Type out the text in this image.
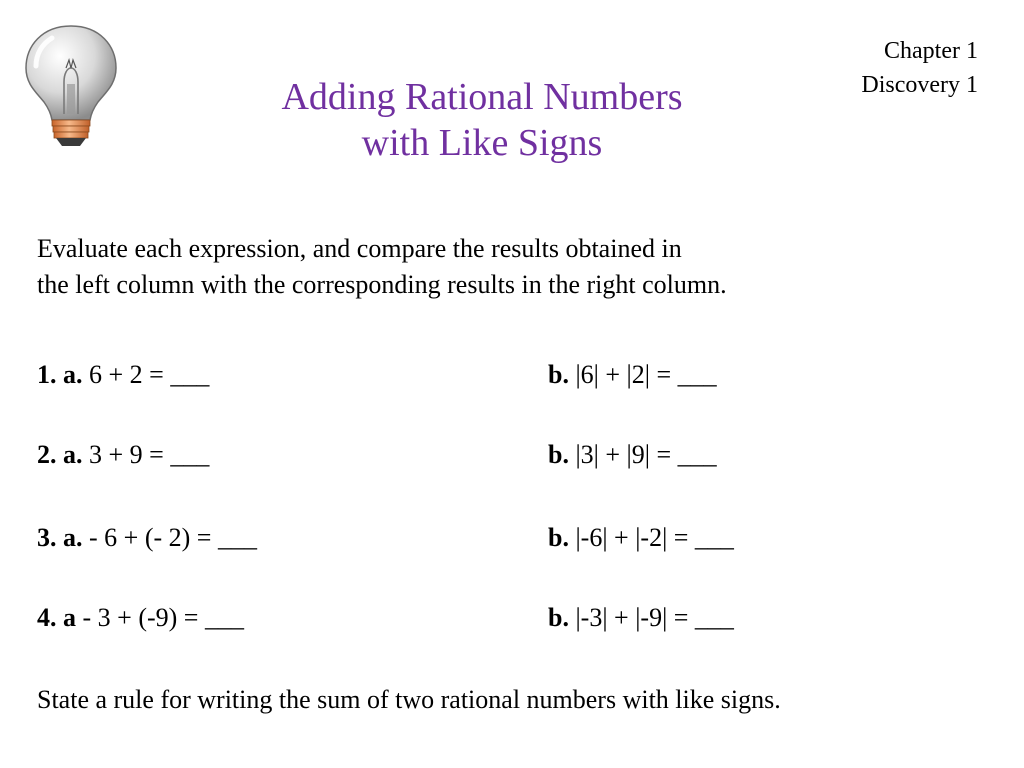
Chapter 1
Discovery 1
Adding Rational Numbers
with Like Signs
Evaluate each expression, and compare the results obtained in
the left column with the corresponding results in the right column.
1. a. 6 + 2 = ___	b. |6| + |2| = ___
2. a. 3 + 9 = ___	b. |3| + |9| = ___
3. a. - 6 + (- 2) = ___	b. |-6| + |-2| = ___
4. a - 3 + (-9) = ___	b. |-3| + |-9| = ___
State a rule for writing the sum of two rational numbers with like signs.
